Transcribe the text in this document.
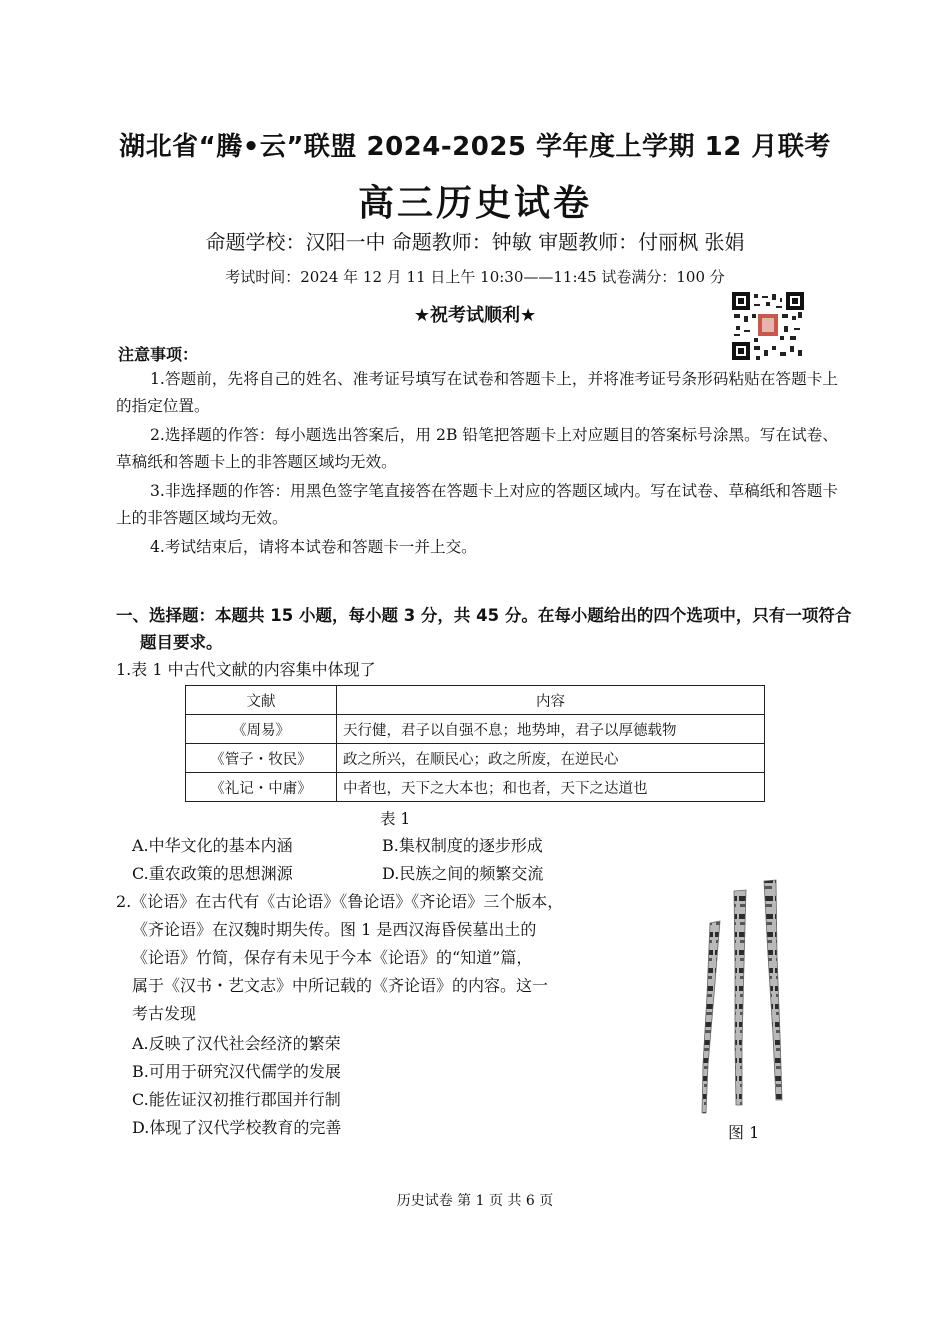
湖北省“腾•云”联盟 2024-2025 学年度上学期 12 月联考
高三历史试卷
命题学校：汉阳一中 命题教师：钟敏 审题教师：付丽枫 张娟
考试时间：2024 年 12 月 11 日上午 10:30——11:45 试卷满分：100 分
★祝考试顺利★
注意事项：
1.答题前，先将自己的姓名、准考证号填写在试卷和答题卡上，并将准考证号条形码粘贴在答题卡上的指定位置。
2.选择题的作答：每小题选出答案后，用 2B 铅笔把答题卡上对应题目的答案标号涂黑。写在试卷、草稿纸和答题卡上的非答题区域均无效。
3.非选择题的作答：用黑色签字笔直接答在答题卡上对应的答题区域内。写在试卷、草稿纸和答题卡上的非答题区域均无效。
4.考试结束后，请将本试卷和答题卡一并上交。
一、选择题：本题共 15 小题，每小题 3 分，共 45 分。在每小题给出的四个选项中，只有一项符合题目要求。
1.表 1 中古代文献的内容集中体现了
文献	内容
《周易》	天行健，君子以自强不息；地势坤，君子以厚德载物
《管子・牧民》	政之所兴，在顺民心；政之所废，在逆民心
《礼记・中庸》	中者也，天下之大本也；和也者，天下之达道也
表 1
A.中华文化的基本内涵	B.集权制度的逐步形成
C.重农政策的思想渊源	D.民族之间的频繁交流
2.《论语》在古代有《古论语》《鲁论语》《齐论语》三个版本，
《齐论语》在汉魏时期失传。图 1 是西汉海昏侯墓出土的
《论语》竹简，保存有未见于今本《论语》的“知道”篇，
属于《汉书・艺文志》中所记载的《齐论语》的内容。这一
考古发现
A.反映了汉代社会经济的繁荣
B.可用于研究汉代儒学的发展
C.能佐证汉初推行郡国并行制
D.体现了汉代学校教育的完善	图 1
历史试卷 第 1 页 共 6 页
